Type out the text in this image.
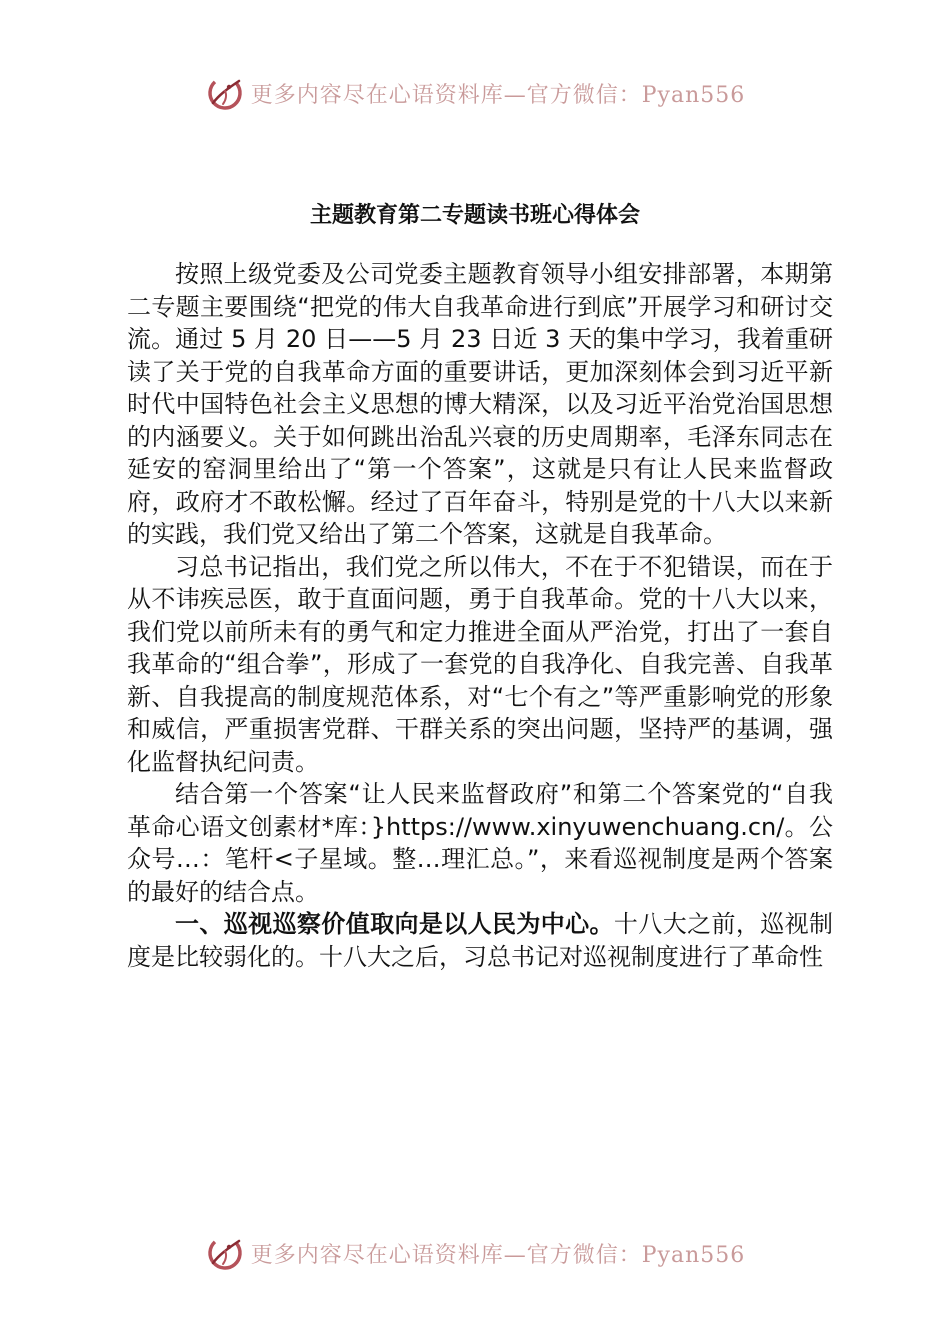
更多内容尽在心语资料库—官方微信：Pyan556
主题教育第二专题读书班心得体会

按照上级党委及公司党委主题教育领导小组安排部署，本期第二专题主要围绕“把党的伟大自我革命进行到底”开展学习和研讨交流。通过 5 月 20 日——5 月 23 日近 3 天的集中学习，我着重研读了关于党的自我革命方面的重要讲话，更加深刻体会到习近平新时代中国特色社会主义思想的博大精深，以及习近平治党治国思想的内涵要义。关于如何跳出治乱兴衰的历史周期率，毛泽东同志在延安的窑洞里给出了“第一个答案”，这就是只有让人民来监督政府，政府才不敢松懈。经过了百年奋斗，特别是党的十八大以来新的实践，我们党又给出了第二个答案，这就是自我革命。

习总书记指出，我们党之所以伟大，不在于不犯错误，而在于从不讳疾忌医，敢于直面问题，勇于自我革命。党的十八大以来，我们党以前所未有的勇气和定力推进全面从严治党，打出了一套自我革命的“组合拳”，形成了一套党的自我净化、自我完善、自我革新、自我提高的制度规范体系，对“七个有之”等严重影响党的形象和威信，严重损害党群、干群关系的突出问题，坚持严的基调，强化监督执纪问责。

结合第一个答案“让人民来监督政府”和第二个答案党的“自我革命心语文创素材*库：}https://www.xinyuwenchuang.cn/。公众号…：笔杆<子星域。整…理汇总。”，来看巡视制度是两个答案的最好的结合点。

一、巡视巡察价值取向是以人民为中心。十八大之前，巡视制度是比较弱化的。十八大之后，习总书记对巡视制度进行了革命性

更多内容尽在心语资料库—官方微信：Pyan556
